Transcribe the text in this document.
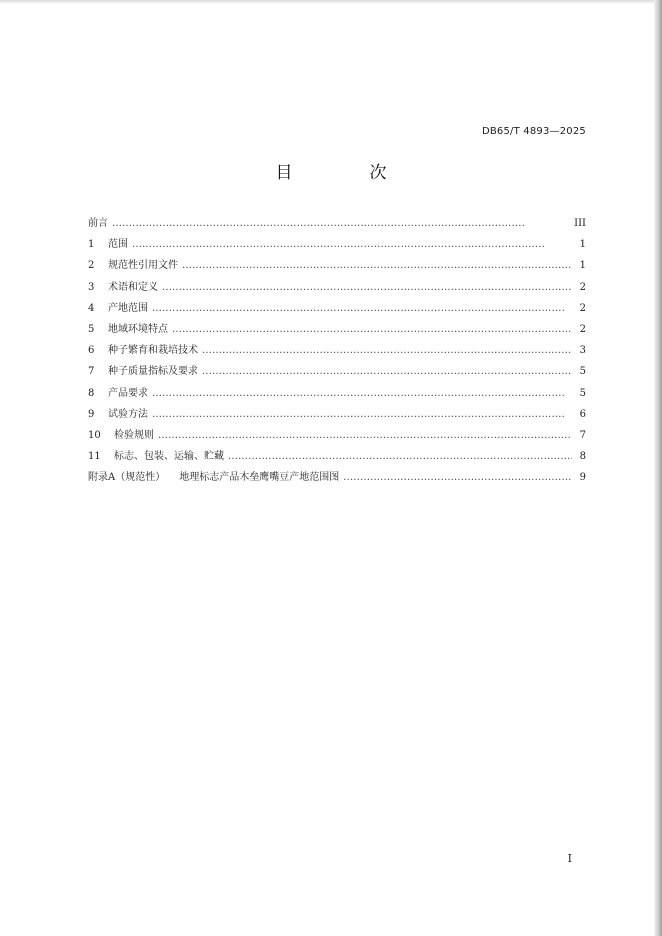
DB65/T 4893—2025
目　次
前言 . . .	III
1	范围 . . .	1
2	规范性引用文件 . . .	1
3	术语和定义 . . .	2
4	产地范围 . . .	2
5	地域环境特点 . . .	2
6	种子繁育和栽培技术 . . .	3
7	种子质量指标及要求 . . .	5
8	产品要求 . . .	5
9	试验方法 . . .	6
10	检验规则 . . .	7
11	标志、包装、运输、贮藏 . . .	8
附录A（规范性） 地理标志产品木垒鹰嘴豆产地范围图 . . .	9
I
